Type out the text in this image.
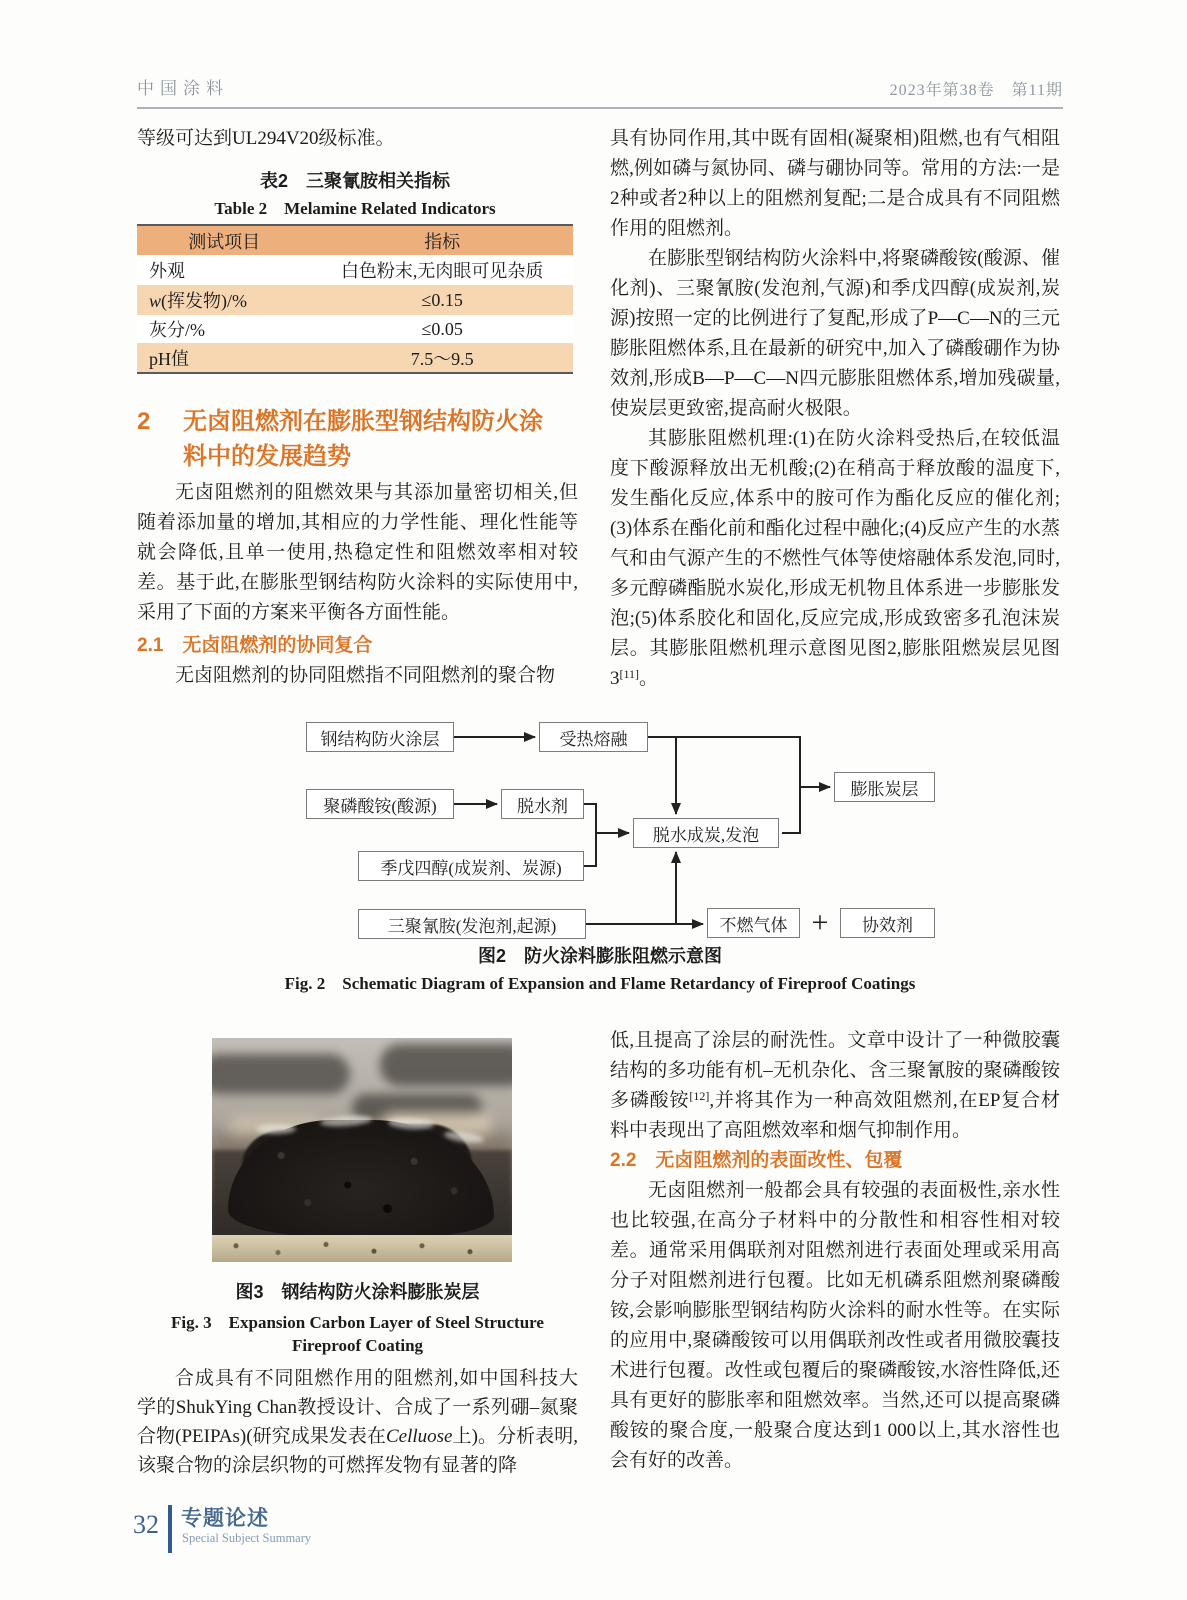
中国涂料	2023年第38卷　第11期

等级可达到UL294V20级标准。

表2　三聚氰胺相关指标
Table 2　Melamine Related Indicators
测试项目	指标
外观	白色粉末,无肉眼可见杂质
w(挥发物)/%	≤0.15
灰分/%	≤0.05
pH值	7.5～9.5
2	无卤阻燃剂在膨胀型钢结构防火涂
料中的发展趋势

无卤阻燃剂的阻燃效果与其添加量密切相关,但随着添加量的增加,其相应的力学性能、理化性能等就会降低,且单一使用,热稳定性和阻燃效率相对较差。基于此,在膨胀型钢结构防火涂料的实际使用中,采用了下面的方案来平衡各方面性能。

2.1　无卤阻燃剂的协同复合

无卤阻燃剂的协同阻燃指不同阻燃剂的聚合物

具有协同作用,其中既有固相(凝聚相)阻燃,也有气相阻燃,例如磷与氮协同、磷与硼协同等。常用的方法:一是2种或者2种以上的阻燃剂复配;二是合成具有不同阻燃作用的阻燃剂。

在膨胀型钢结构防火涂料中,将聚磷酸铵(酸源、催化剂)、三聚氰胺(发泡剂,气源)和季戊四醇(成炭剂,炭源)按照一定的比例进行了复配,形成了P—C—N的三元膨胀阻燃体系,且在最新的研究中,加入了磷酸硼作为协效剂,形成B—P—C—N四元膨胀阻燃体系,增加残碳量,使炭层更致密,提高耐火极限。

其膨胀阻燃机理:(1)在防火涂料受热后,在较低温度下酸源释放出无机酸;(2)在稍高于释放酸的温度下,发生酯化反应,体系中的胺可作为酯化反应的催化剂;(3)体系在酯化前和酯化过程中融化;(4)反应产生的水蒸气和由气源产生的不燃性气体等使熔融体系发泡,同时,多元醇磷酯脱水炭化,形成无机物且体系进一步膨胀发泡;(5)体系胶化和固化,反应完成,形成致密多孔泡沫炭层。其膨胀阻燃机理示意图见图2,膨胀阻燃炭层见图3[11]。

钢结构防火涂层	受热熔融
聚磷酸铵(酸源)	脱水剂
脱水成炭,发泡
膨胀炭层
季戊四醇(成炭剂、炭源)
三聚氰胺(发泡剂,起源)	不燃气体	协效剂
+
图2　防火涂料膨胀阻燃示意图
Fig. 2　Schematic Diagram of Expansion and Flame Retardancy of Fireproof Coatings
图3　钢结构防火涂料膨胀炭层
Fig. 3　Expansion Carbon Layer of Steel Structure
Fireproof Coating

合成具有不同阻燃作用的阻燃剂,如中国科技大学的ShukYing Chan教授设计、合成了一系列硼–氮聚合物(PEIPAs)(研究成果发表在Celluose上)。分析表明,该聚合物的涂层织物的可燃挥发物有显著的降

低,且提高了涂层的耐洗性。文章中设计了一种微胶囊结构的多功能有机–无机杂化、含三聚氰胺的聚磷酸铵多磷酸铵[12],并将其作为一种高效阻燃剂,在EP复合材料中表现出了高阻燃效率和烟气抑制作用。

2.2　无卤阻燃剂的表面改性、包覆

无卤阻燃剂一般都会具有较强的表面极性,亲水性也比较强,在高分子材料中的分散性和相容性相对较差。通常采用偶联剂对阻燃剂进行表面处理或采用高分子对阻燃剂进行包覆。比如无机磷系阻燃剂聚磷酸铵,会影响膨胀型钢结构防火涂料的耐水性等。在实际的应用中,聚磷酸铵可以用偶联剂改性或者用微胶囊技术进行包覆。改性或包覆后的聚磷酸铵,水溶性降低,还具有更好的膨胀率和阻燃效率。当然,还可以提高聚磷酸铵的聚合度,一般聚合度达到1 000以上,其水溶性也会有好的改善。

32 专题论述
Special Subject Summary
